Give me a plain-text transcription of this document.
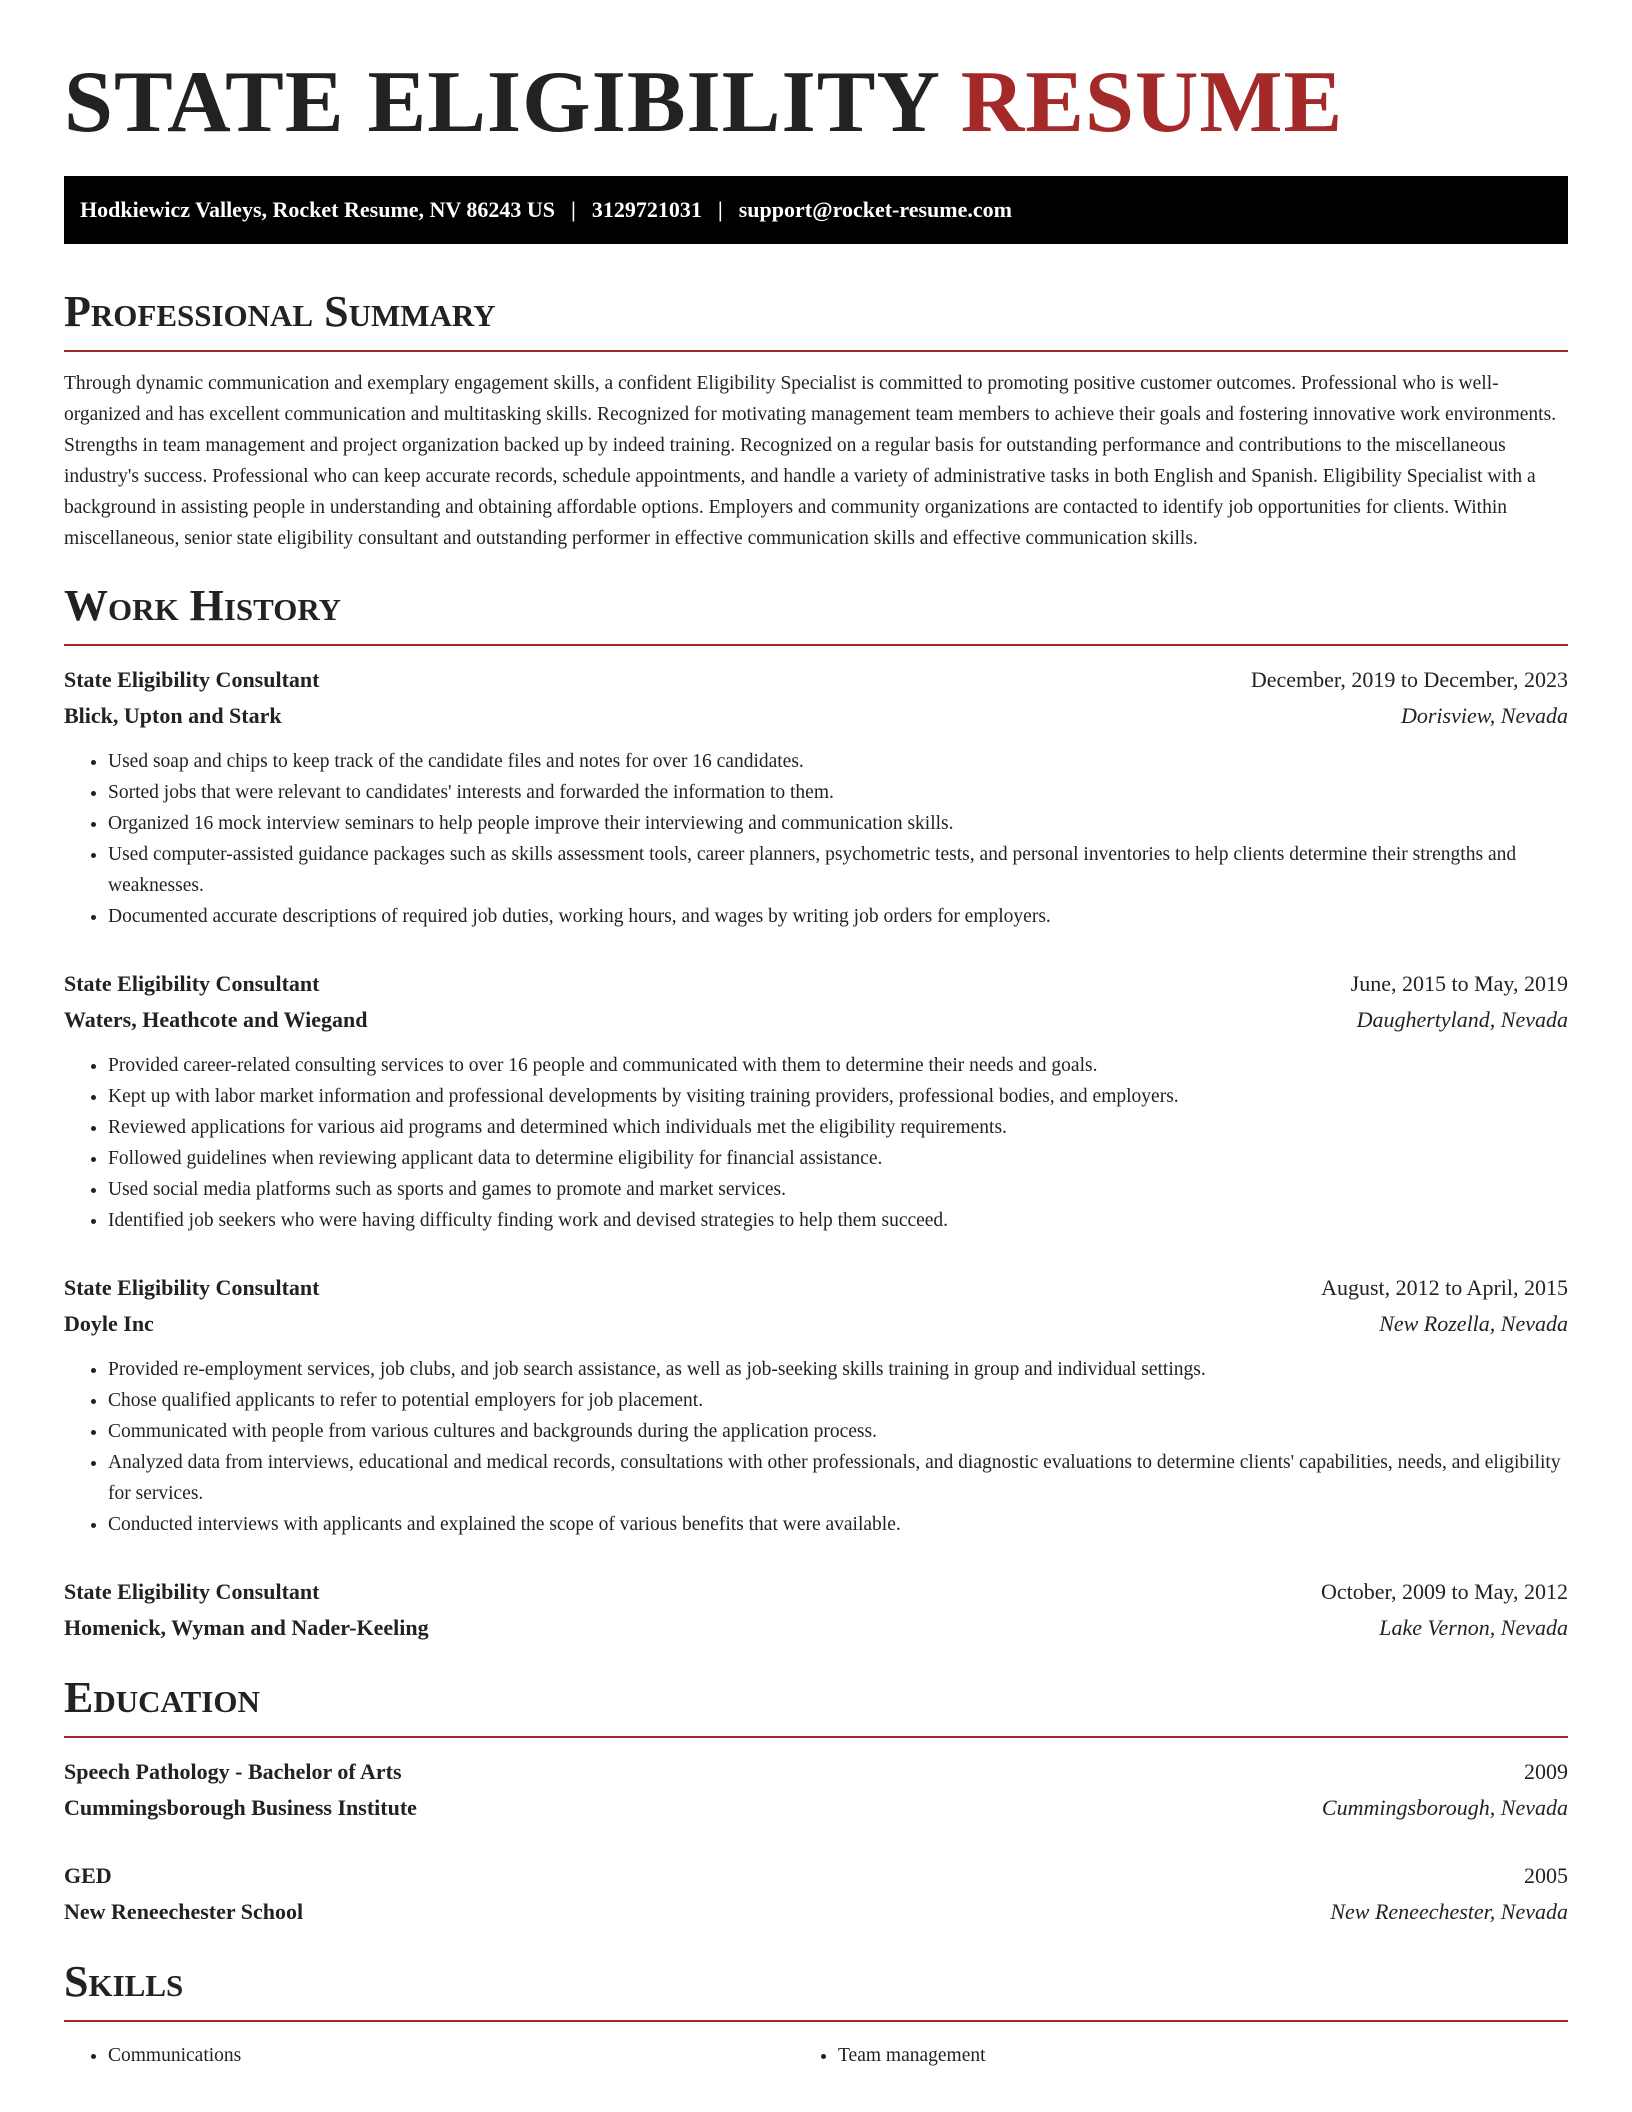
STATE ELIGIBILITY RESUME
Hodkiewicz Valleys, Rocket Resume, NV 86243 US | 3129721031 | support@rocket-resume.com
Professional Summary

Through dynamic communication and exemplary engagement skills, a confident Eligibility Specialist is committed to promoting positive customer outcomes. Professional who is well-organized and has excellent communication and multitasking skills. Recognized for motivating management team members to achieve their goals and fostering innovative work environments. Strengths in team management and project organization backed up by indeed training. Recognized on a regular basis for outstanding performance and contributions to the miscellaneous industry's success. Professional who can keep accurate records, schedule appointments, and handle a variety of administrative tasks in both English and Spanish. Eligibility Specialist with a background in assisting people in understanding and obtaining affordable options. Employers and community organizations are contacted to identify job opportunities for clients. Within miscellaneous, senior state eligibility consultant and outstanding performer in effective communication skills and effective communication skills.

Work History
State Eligibility Consultant	December, 2019 to December, 2023
Blick, Upton and Stark	Dorisview, Nevada
• Used soap and chips to keep track of the candidate files and notes for over 16 candidates.
• Sorted jobs that were relevant to candidates' interests and forwarded the information to them.
• Organized 16 mock interview seminars to help people improve their interviewing and communication skills.
• Used computer-assisted guidance packages such as skills assessment tools, career planners, psychometric tests, and personal inventories to help clients determine their strengths and weaknesses.
• Documented accurate descriptions of required job duties, working hours, and wages by writing job orders for employers.
State Eligibility Consultant	June, 2015 to May, 2019
Waters, Heathcote and Wiegand	Daughertyland, Nevada
• Provided career-related consulting services to over 16 people and communicated with them to determine their needs and goals.
• Kept up with labor market information and professional developments by visiting training providers, professional bodies, and employers.
• Reviewed applications for various aid programs and determined which individuals met the eligibility requirements.
• Followed guidelines when reviewing applicant data to determine eligibility for financial assistance.
• Used social media platforms such as sports and games to promote and market services.
• Identified job seekers who were having difficulty finding work and devised strategies to help them succeed.
State Eligibility Consultant	August, 2012 to April, 2015
Doyle Inc	New Rozella, Nevada
• Provided re-employment services, job clubs, and job search assistance, as well as job-seeking skills training in group and individual settings.
• Chose qualified applicants to refer to potential employers for job placement.
• Communicated with people from various cultures and backgrounds during the application process.
• Analyzed data from interviews, educational and medical records, consultations with other professionals, and diagnostic evaluations to determine clients' capabilities, needs, and eligibility for services.
• Conducted interviews with applicants and explained the scope of various benefits that were available.
State Eligibility Consultant	October, 2009 to May, 2012
Homenick, Wyman and Nader-Keeling	Lake Vernon, Nevada
Education
Speech Pathology - Bachelor of Arts	2009
Cummingsborough Business Institute	Cummingsborough, Nevada
GED	2005
New Reneechester School	New Reneechester, Nevada
Skills
• Communications
•	Team management
